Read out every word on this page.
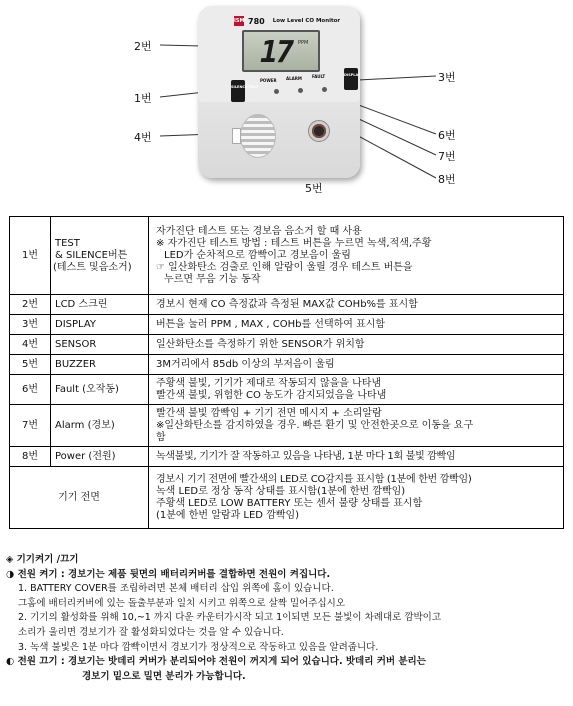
ISM 780 Low Level CO Monitor
17 PPM
SILENCE/TEST
DISPLAY
POWER ALARM	FAULT
2번
1번
4번
5번
3번
6번
7번
8번
1번	TEST
& SILENCE버튼
(테스트 및음소거)	자가진단 테스트 또는 경보음 음소거 할 때 사용
※ 자가진단 테스트 방법 : 테스트 버튼을 누르면 녹색,적색,주황
LED가 순차적으로 깜빡이고 경보음이 울림
☞ 일산화탄소 검출로 인해 알람이 울릴 경우 테스트 버튼을
누르면 무음 기능 동작

2번	LCD 스크린	경보시 현재 CO 측정값과 측정된 MAX값 COHb%를 표시함

3번	DISPLAY	버튼을 눌러 PPM , MAX , COHb를 선택하여 표시함

4번	SENSOR	일산화탄소를 측정하기 위한 SENSOR가 위치함

5번	BUZZER	3M거리에서 85db 이상의 부저음이 울림

6번	Fault (오작동)	주황색 불빛, 기기가 제대로 작동되지 않을을 나타냄
빨간색 불빛, 위험한 CO 농도가 감지되었음을 나타냄

7번	Alarm (경보)	빨간색 불빛 깜빡임 + 기기 전면 메시지 + 소리알람
※일산화탄소를 감지하였을 경우. 빠른 환기 및 안전한곳으로 이동을 요구
함

8번	Power (전원)	녹색불빛, 기기가 잘 작동하고 있음을 나타냄, 1분 마다 1회 불빛 깜빡임

기기 전면		경보시 기기 전면에 빨간색의 LED로 CO감지를 표시함 (1분에 한번 깜빡임)
녹색 LED로 정상 동작 상태를 표시함(1분에 한번 깜빡임)
주황색 LED로 LOW BATTERY 또는 센서 불량 상태를 표시함
(1분에 한번 알람과 LED 깜빡임)
◈ 기기켜기 /끄기
◑ 전원 켜기 : 경보기는 제품 뒷면의 배터리커버를 결합하면 전원이 켜집니다.
1. BATTERY COVER를 조립하려면 본체 배터리 삽입 위쪽에 홈이 있습니다.
그홈에 배터리커버에 있는 돌출부분과 일치 시키고 위쪽으로 살짝 밀어주십시오
2. 기기의 활성화를 위해 10,~1 까지 다운 카운터가시작 되고 1이되면 모든 불빛이 차례대로 깜박이고
소리가 울리면 경보기가 잘 활성화되었다는 것을 알 수 있습니다.
3. 녹색 불빛은 1분 마다 깜빡이면서 경보기가 정상적으로 작동하고 있음을 알려줍니다.
◐ 전원 끄기 : 경보기는 밧데리 커버가 분리되어야 전원이 꺼지게 되어 있습니다. 밧데리 커버 분리는
경보기 밑으로 밀면 분리가 가능합니다.
